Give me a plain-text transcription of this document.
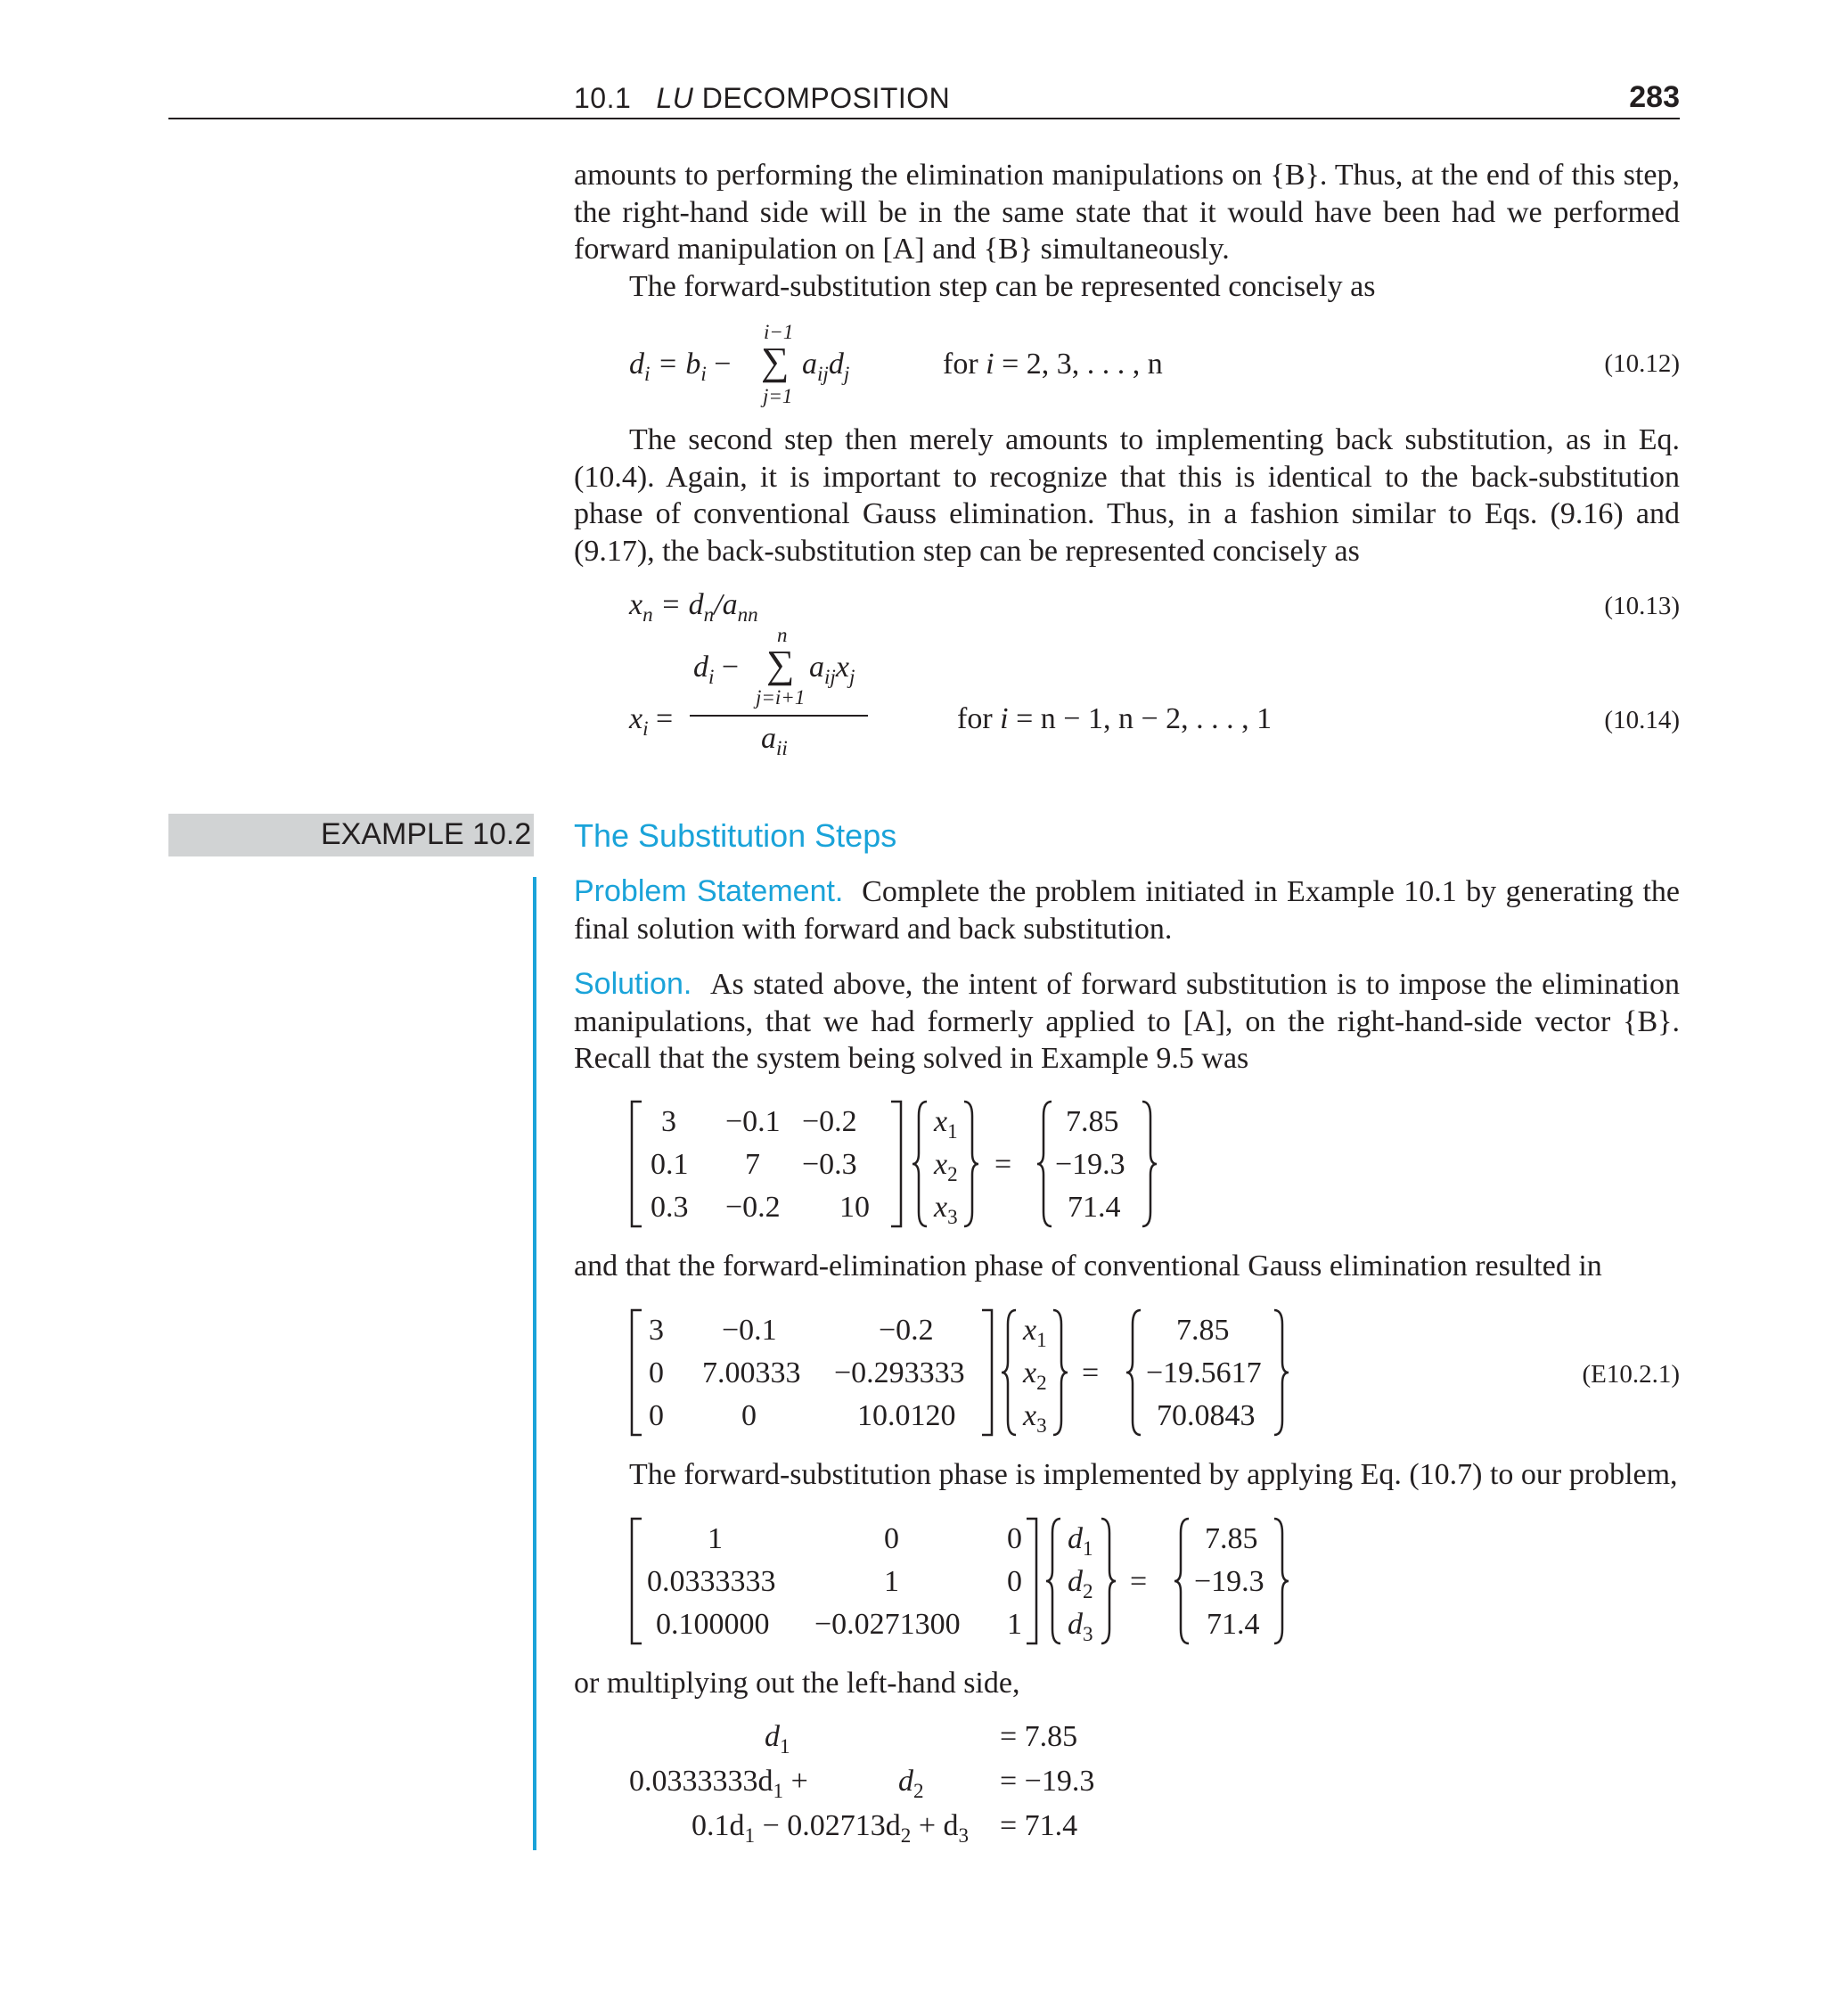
10.1 LU DECOMPOSITION	283

amounts to performing the elimination manipulations on {B}. Thus, at the end of this step, the right-hand side will be in the same state that it would have been had we performed forward manipulation on [A] and {B} simultaneously.

The forward-substitution step can be represented concisely as

$d_i = b_i$ −
i−1
∑
j=1
$a_{ij}d_j$	for i = 2, 3, . . . , n	(10.12)

The second step then merely amounts to implementing back substitution, as in Eq. (10.4). Again, it is important to recognize that this is identical to the back-substitution phase of conventional Gauss elimination. Thus, in a fashion similar to Eqs. (9.16) and (9.17), the back-substitution step can be represented concisely as

$x_n = d_n/a_{nn}$	(10.13)
$x_i$ =
$d_i$ −
n
∑
j=i+1
$a_{ij}x_j$
$a_{ii}$
for i = n − 1, n − 2, . . . , 1	(10.14)
EXAMPLE 10.2 The Substitution Steps

Problem Statement. Complete the problem initiated in Example 10.1 by generating the final solution with forward and back substitution.

Solution. As stated above, the intent of forward substitution is to impose the elimination manipulations, that we had formerly applied to [A], on the right-hand-side vector {B}. Recall that the system being solved in Example 9.5 was

3 −0.1 −0.2
0.1 7 −0.3
0.3 −0.2 10
$x_1$
$x_2$
$x_3$
=
7.85
−19.3
71.4

and that the forward-elimination phase of conventional Gauss elimination resulted in

3 −0.1	−0.2
0 7.00333 −0.293333
0	0	10.0120
$x_1$
$x_2$
$x_3$
=
7.85
−19.5617
70.0843
(E10.2.1)

The forward-substitution phase is implemented by applying Eq. (10.7) to our problem,

1	0	0
0.0333333	1	0
0.100000 −0.0271300 1
$d_1$
$d_2$
$d_3$
=
7.85
−19.3
71.4

or multiplying out the left-hand side,

$d_1$	= 7.85
$0.0333333d_1$ +	$d_2$	= −19.3
$0.1d_1 - 0.02713d_2 + d_3 = 71.4$
